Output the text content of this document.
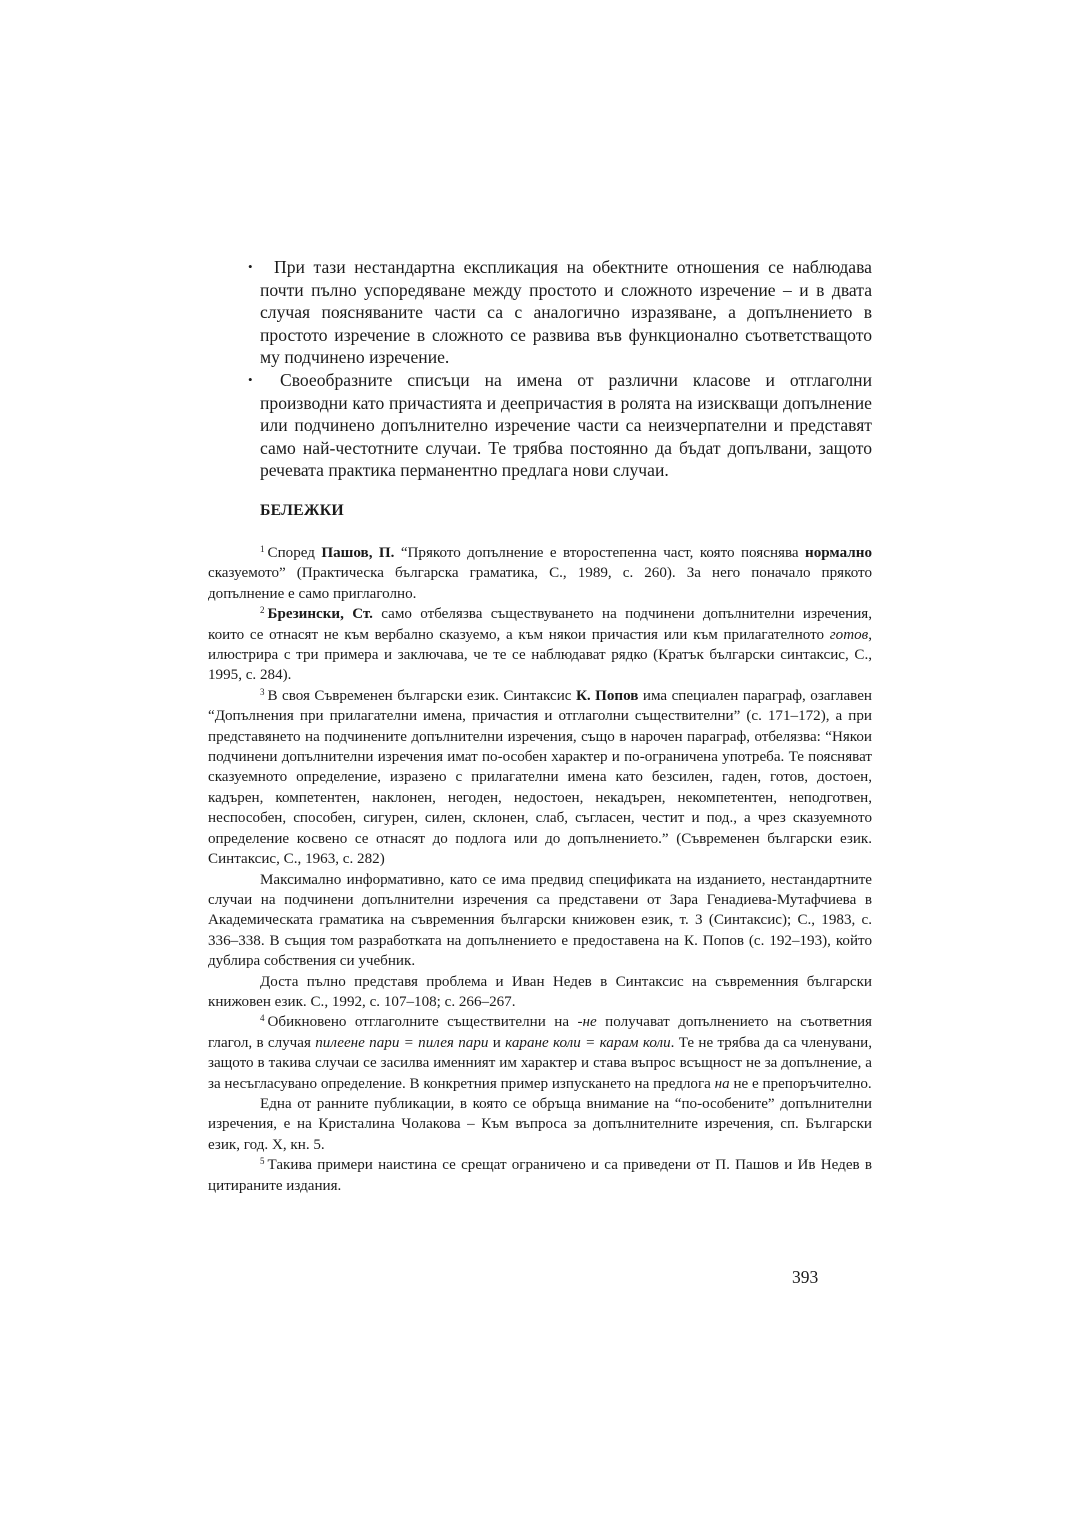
•	При тази нестандартна експликация на обектните отношения се наблюдава почти пълно успоредяване между простото и сложното изречение – и в двата случая поясняваните части са с аналогично изразяване, а допълнението в простото изречение в сложното се развива във функционално съответстващото му подчинено изречение.
•	Своеобразните списъци на имена от различни класове и отглаголни производни като причастията и деепричастия в ролята на изискващи допълнение или подчинено допълнително изречение части са неизчерпателни и представят само най-честотните случаи. Те трябва постоянно да бъдат допълвани, защото речевата практика перманентно предлага нови случаи.
БЕЛЕЖКИ

$^1$ Според Пашов, П. “Прякото допълнение е второстепенна част, която пояснява нормално сказуемото” (Практическа българска граматика, С., 1989, с. 260). За него поначало прякото допълнение е само приглаголно.

$^2$ Брезински, Ст. само отбелязва съществуването на подчинени допълнителни изречения, които се отнасят не към вербално сказуемо, а към някои причастия или към прилагателното готов, илюстрира с три примера и заключава, че те се наблюдават рядко (Кратък български синтаксис, С., 1995, с. 284).

$^3$ В своя Съвременен български език. Синтаксис К. Попов има специален параграф, озаглавен “Допълнения при прилагателни имена, причастия и отглаголни съществителни” (с. 171–172), а при представянето на подчинените допълнителни изречения, също в нарочен параграф, отбелязва: “Някои подчинени допълнителни изречения имат по-особен характер и по-ограничена употреба. Те поясняват сказуемното определение, изразено с прилагателни имена като безсилен, гаден, готов, достоен, кадърен, компетентен, наклонен, негоден, недостоен, некадърен, некомпетентен, неподготвен, неспособен, способен, сигурен, силен, склонен, слаб, съгласен, честит и под., а чрез сказуемното определение косвено се отнасят до подлога или до допълнението.” (Съвременен български език. Синтаксис, С., 1963, с. 282)

Максимално информативно, като се има предвид спецификата на изданието, нестандартните случаи на подчинени допълнителни изречения са представени от Зара Генадиева-Мутафчиева в Академическата граматика на съвременния български книжовен език, т. 3 (Синтаксис); С., 1983, с. 336–338. В същия том разработката на допълнението е предоставена на К. Попов (с. 192–193), който дублира собствения си учебник.

Доста пълно представя проблема и Иван Недев в Синтаксис на съвременния български книжовен език. С., 1992, с. 107–108; с. 266–267.

$^4$ Обикновено отглаголните съществителни на -не получават допълнението на съответния глагол, в случая пилеене пари = пилея пари и каране коли = карам коли. Те не трябва да са членувани, защото в такива случаи се засилва именният им характер и става въпрос всъщност не за допълнение, а за несъгласувано определение. В конкретния пример изпускането на предлога на не е препоръчително.

Една от ранните публикации, в която се обръща внимание на “по-особените” допълнителни изречения, е на Кристалина Чолакова – Към въпроса за допълнителните изречения, сп. Български език, год. X, кн. 5.

$^5$ Такива примери наистина се срещат ограничено и са приведени от П. Пашов и Ив Недев в цитираните издания.

393
